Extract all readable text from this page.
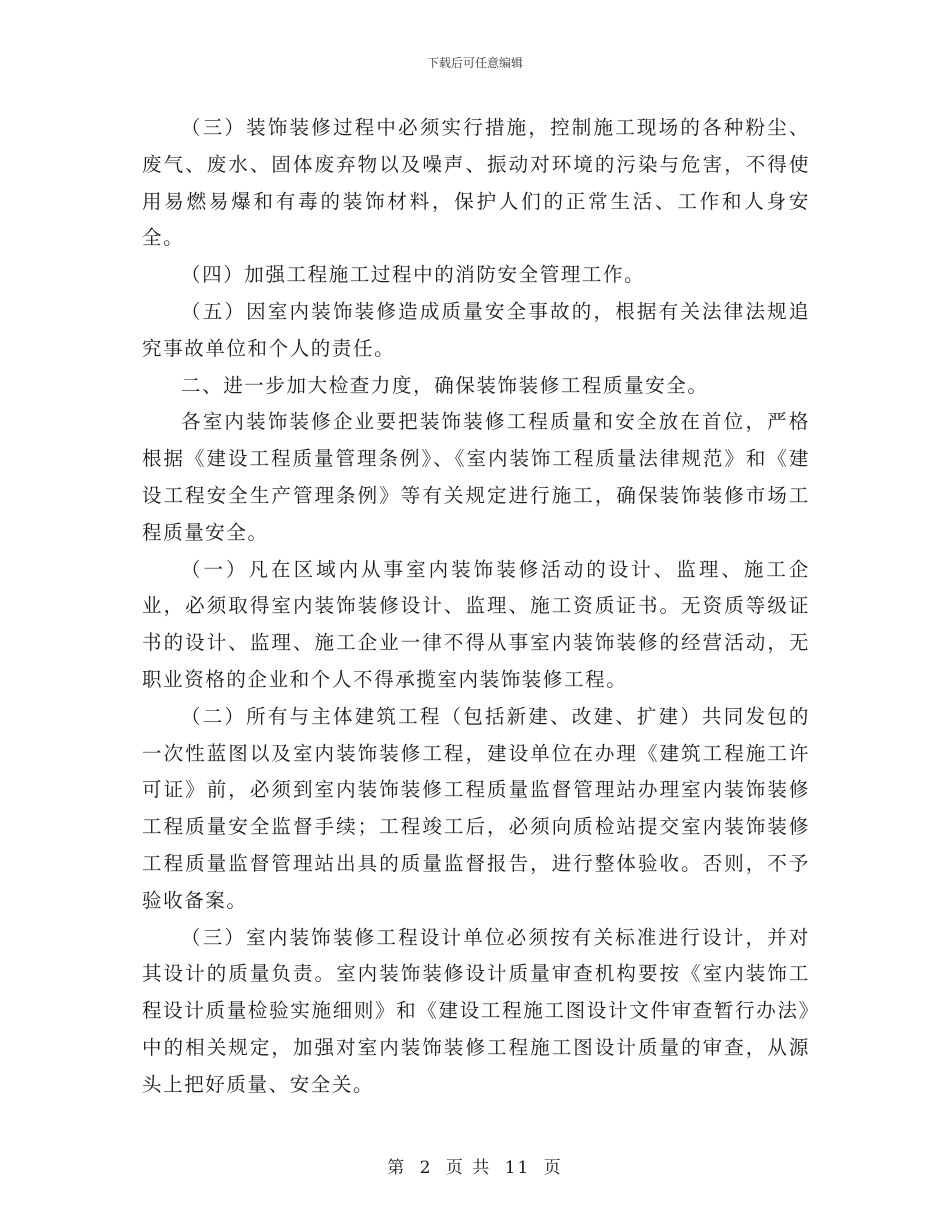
下载后可任意编辑

（三）装饰装修过程中必须实行措施，控制施工现场的各种粉尘、废气、废水、固体废弃物以及噪声、振动对环境的污染与危害，不得使用易燃易爆和有毒的装饰材料，保护人们的正常生活、工作和人身安全。

（四）加强工程施工过程中的消防安全管理工作。

（五）因室内装饰装修造成质量安全事故的，根据有关法律法规追究事故单位和个人的责任。

二、进一步加大检查力度，确保装饰装修工程质量安全。

各室内装饰装修企业要把装饰装修工程质量和安全放在首位，严格根据《建设工程质量管理条例》、《室内装饰工程质量法律规范》和《建设工程安全生产管理条例》等有关规定进行施工，确保装饰装修市场工程质量安全。

（一）凡在区域内从事室内装饰装修活动的设计、监理、施工企业，必须取得室内装饰装修设计、监理、施工资质证书。无资质等级证书的设计、监理、施工企业一律不得从事室内装饰装修的经营活动，无职业资格的企业和个人不得承揽室内装饰装修工程。

（二）所有与主体建筑工程（包括新建、改建、扩建）共同发包的一次性蓝图以及室内装饰装修工程，建设单位在办理《建筑工程施工许可证》前，必须到室内装饰装修工程质量监督管理站办理室内装饰装修工程质量安全监督手续；工程竣工后，必须向质检站提交室内装饰装修工程质量监督管理站出具的质量监督报告，进行整体验收。否则，不予验收备案。

（三）室内装饰装修工程设计单位必须按有关标准进行设计，并对其设计的质量负责。室内装饰装修设计质量审查机构要按《室内装饰工程设计质量检验实施细则》和《建设工程施工图设计文件审查暂行办法》中的相关规定，加强对室内装饰装修工程施工图设计质量的审查，从源头上把好质量、安全关。

第 2 页 共 11 页
